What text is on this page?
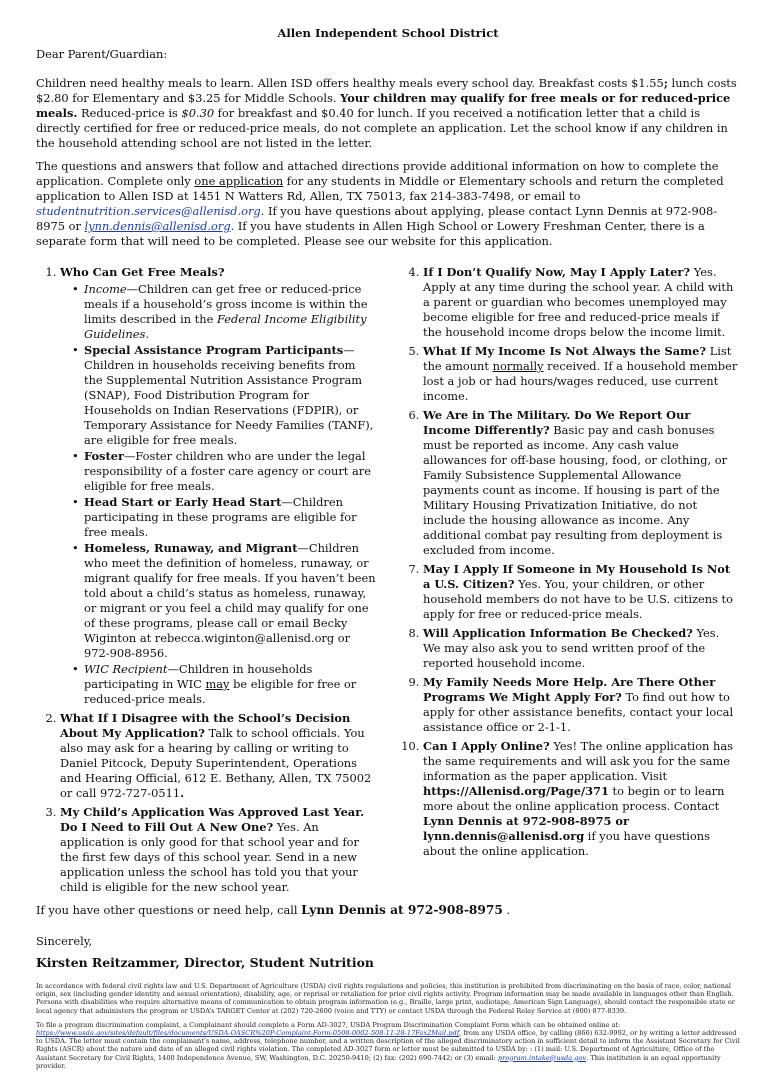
Allen Independent School District
Dear Parent/Guardian:

Children need healthy meals to learn. Allen ISD offers healthy meals every school day. Breakfast costs $1.55; lunch costs $2.80 for Elementary and $3.25 for Middle Schools. Your children may qualify for free meals or for reduced-price meals. Reduced-price is $0.30 for breakfast and $0.40 for lunch. If you received a notification letter that a child is directly certified for free or reduced-price meals, do not complete an application. Let the school know if any children in the household attending school are not listed in the letter.

The questions and answers that follow and attached directions provide additional information on how to complete the application. Complete only one application for any students in Middle or Elementary schools and return the completed application to Allen ISD at 1451 N Watters Rd, Allen, TX 75013, fax 214-383-7498, or email to studentnutrition.services@allenisd.org. If you have questions about applying, please contact Lynn Dennis at 972-908-8975 or lynn.dennis@allenisd.org. If you have students in Allen High School or Lowery Freshman Center, there is a separate form that will need to be completed. Please see our website for this application.

1. Who Can Get Free Meals?
• Income—Children can get free or reduced-price meals if a household’s gross income is within the limits described in the Federal Income Eligibility Guidelines.
• Special Assistance Program Participants—Children in households receiving benefits from the Supplemental Nutrition Assistance Program (SNAP), Food Distribution Program for Households on Indian Reservations (FDPIR), or Temporary Assistance for Needy Families (TANF), are eligible for free meals.
• Foster—Foster children who are under the legal responsibility of a foster care agency or court are eligible for free meals.
• Head Start or Early Head Start—Children participating in these programs are eligible for free meals.
• Homeless, Runaway, and Migrant—Children who meet the definition of homeless, runaway, or migrant qualify for free meals. If you haven’t been told about a child’s status as homeless, runaway, or migrant or you feel a child may qualify for one of these programs, please call or email Becky Wiginton at rebecca.wiginton@allenisd.org or 972-908-8956.
• WIC Recipient—Children in households participating in WIC may be eligible for free or reduced-price meals.
2. What If I Disagree with the School’s Decision About My Application? Talk to school officials. You also may ask for a hearing by calling or writing to Daniel Pitcock, Deputy Superintendent, Operations and Hearing Official, 612 E. Bethany, Allen, TX 75002 or call 972-727-0511.
3. My Child’s Application Was Approved Last Year. Do I Need to Fill Out A New One? Yes. An application is only good for that school year and for the first few days of this school year. Send in a new application unless the school has told you that your child is eligible for the new school year.
4. If I Don’t Qualify Now, May I Apply Later? Yes. Apply at any time during the school year. A child with a parent or guardian who becomes unemployed may become eligible for free and reduced-price meals if the household income drops below the income limit.
5. What If My Income Is Not Always the Same? List the amount normally received. If a household member lost a job or had hours/wages reduced, use current income.
6. We Are in The Military. Do We Report Our Income Differently? Basic pay and cash bonuses must be reported as income. Any cash value allowances for off-base housing, food, or clothing, or Family Subsistence Supplemental Allowance payments count as income. If housing is part of the Military Housing Privatization Initiative, do not include the housing allowance as income. Any additional combat pay resulting from deployment is excluded from income.
7. May I Apply If Someone in My Household Is Not a U.S. Citizen? Yes. You, your children, or other household members do not have to be U.S. citizens to apply for free or reduced-price meals.
8. Will Application Information Be Checked? Yes. We may also ask you to send written proof of the reported household income.
9. My Family Needs More Help. Are There Other Programs We Might Apply For? To find out how to apply for other assistance benefits, contact your local assistance office or 2-1-1.
10. Can I Apply Online? Yes! The online application has the same requirements and will ask you for the same information as the paper application. Visit https://Allenisd.org/Page/371 to begin or to learn more about the online application process. Contact Lynn Dennis at 972-908-8975 or lynn.dennis@allenisd.org if you have questions about the online application.
If you have other questions or need help, call Lynn Dennis at 972-908-8975 .
Sincerely,
Kirsten Reitzammer, Director, Student Nutrition
In accordance with federal civil rights law and U.S. Department of Agriculture (USDA) civil rights regulations and policies, this institution is prohibited from discriminating on the basis of race, color, national origin, sex (including gender identity and sexual orientation), disability, age, or reprisal or retaliation for prior civil rights activity. Program information may be made available in languages other than English. Persons with disabilities who require alternative means of communication to obtain program information (e.g., Braille, large print, audiotape, American Sign Language), should contact the responsible state or local agency that administers the program or USDA’s TARGET Center at (202) 720-2600 (voice and TTY) or contact USDA through the Federal Relay Service at (800) 877-8339.
To file a program discrimination complaint, a Complainant should complete a Form AD-3027, USDA Program Discrimination Complaint Form which can be obtained online at: https://www.usda.gov/sites/default/files/documents/USDA-OASCR%20P-Complaint-Form-0508-0002-508-11-28-17Fax2Mail.pdf, from any USDA office, by calling (866) 632-9992, or by writing a letter addressed to USDA. The letter must contain the complainant’s name, address, telephone number, and a written description of the alleged discriminatory action in sufficient detail to inform the Assistant Secretary for Civil Rights (ASCR) about the nature and date of an alleged civil rights violation. The completed AD-3027 form or letter must be submitted to USDA by: : (1) mail: U.S. Department of Agriculture, Office of the Assistant Secretary for Civil Rights, 1400 Independence Avenue, SW, Washington, D.C. 20250-9410; (2) fax: (202) 690-7442; or (3) email: program.intake@usda.gov. This institution is an equal opportunity provider.
